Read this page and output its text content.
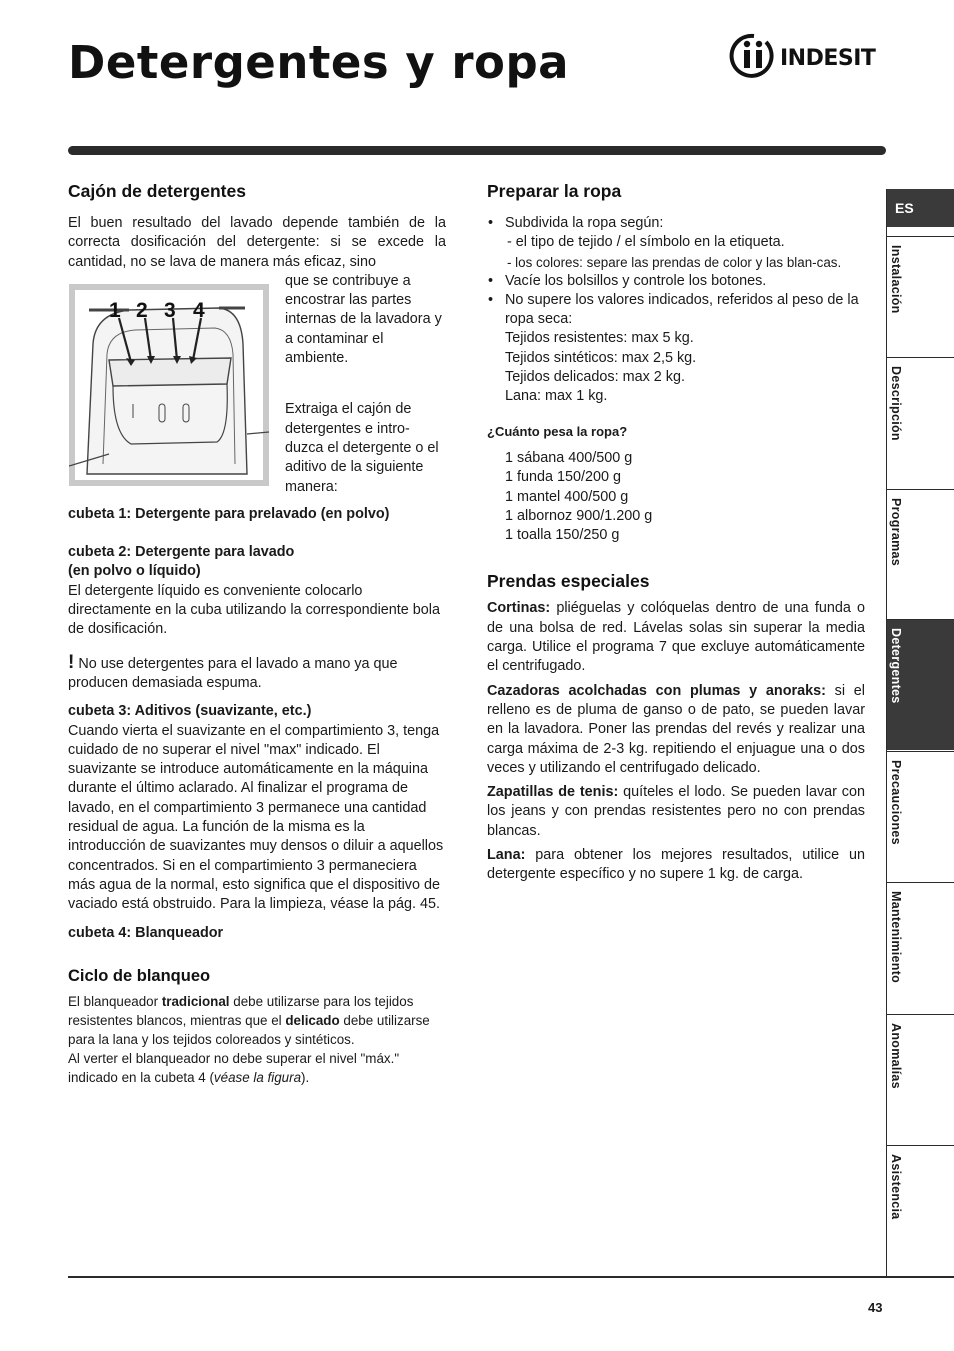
Detergentes y ropa	INDESIT
Cajón de detergentes

El buen resultado del lavado depende también de la correcta dosificación del detergente: si se excede la cantidad, no se lava de manera más eficaz, sino

1 2 3 4

que se contribuye a encostrar las partes internas de la lavadora y a contaminar el ambiente.

Extraiga el cajón de detergentes e intro-duzca el detergente o el aditivo de la siguiente manera:

cubeta 1: Detergente para prelavado (en polvo)

cubeta 2: Detergente para lavado

(en polvo o líquido)

El detergente líquido es conveniente colocarlo directamente en la cuba utilizando la correspondiente bola de dosificación.

! No use detergentes para el lavado a mano ya que producen demasiada espuma.

cubeta 3: Aditivos (suavizante, etc.)

Cuando vierta el suavizante en el compartimiento 3, tenga cuidado de no superar el nivel "max" indicado. El suavizante se introduce automáticamente en la máquina durante el último aclarado. Al finalizar el programa de lavado, en el compartimiento 3 permanece una cantidad residual de agua. La función de la misma es la introducción de suavizantes muy densos o diluir a aquellos concentrados. Si en el compartimiento 3 permaneciera más agua de la normal, esto significa que el dispositivo de vaciado está obstruido. Para la limpieza, véase la pág. 45.

cubeta 4: Blanqueador

Ciclo de blanqueo

El blanqueador tradicional debe utilizarse para los tejidos resistentes blancos, mientras que el delicado debe utilizarse para la lana y los tejidos coloreados y sintéticos.

Al verter el blanqueador no debe superar el nivel "máx." indicado en la cubeta 4 (véase la figura).

Preparar la ropa
• Subdivida la ropa según:
- el tipo de tejido / el símbolo en la etiqueta.
- los colores: separe las prendas de color y las blan-cas.
• Vacíe los bolsillos y controle los botones.
• No supere los valores indicados, referidos al peso de la ropa seca:
Tejidos resistentes: max 5 kg.
Tejidos sintéticos: max 2,5 kg.
Tejidos delicados: max 2 kg.
Lana: max 1 kg.

¿Cuánto pesa la ropa?

1 sábana 400/500 g
1 funda 150/200 g
1 mantel 400/500 g
1 albornoz 900/1.200 g
1 toalla 150/250 g
Prendas especiales

Cortinas: pliéguelas y colóquelas dentro de una funda o de una bolsa de red. Lávelas solas sin superar la media carga. Utilice el programa 7 que excluye automáticamente el centrifugado.

Cazadoras acolchadas con plumas y anoraks: si el relleno es de pluma de ganso o de pato, se pueden lavar en la lavadora. Poner las prendas del revés y realizar una carga máxima de 2-3 kg. repitiendo el enjuague una o dos veces y utilizando el centrifugado delicado.

Zapatillas de tenis: quíteles el lodo. Se pueden lavar con los jeans y con prendas resistentes pero no con prendas blancas.

Lana: para obtener los mejores resultados, utilice un detergente específico y no supere 1 kg. de carga.

ES
Instalación
Descripción
Programas
Detergentes
Precauciones
Mantenimiento
Anomalías
Asistencia
43
